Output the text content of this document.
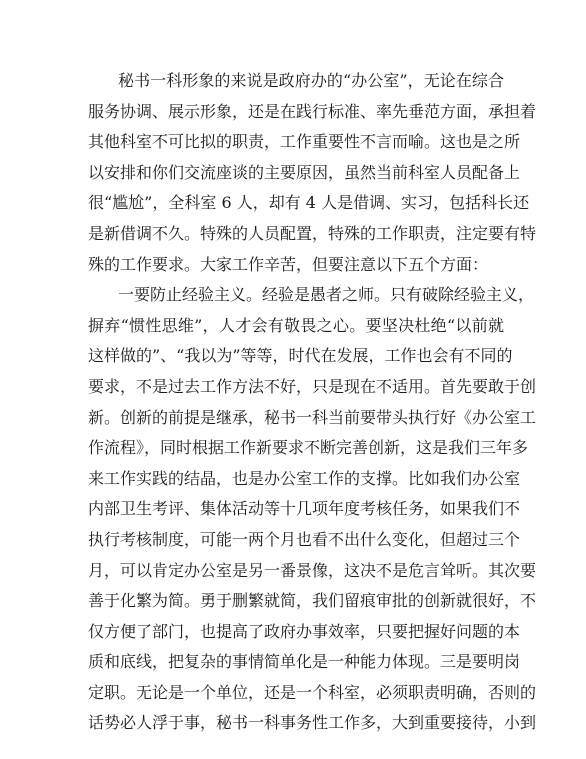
秘书一科形象的来说是政府办的“办公室”，无论在综合
服务协调、展示形象，还是在践行标准、率先垂范方面，承担着
其他科室不可比拟的职责，工作重要性不言而喻。这也是之所
以安排和你们交流座谈的主要原因，虽然当前科室人员配备上
很“尴尬”，全科室 6 人，却有 4 人是借调、实习，包括科长还
是新借调不久。特殊的人员配置，特殊的工作职责，注定要有特
殊的工作要求。大家工作辛苦，但要注意以下五个方面：
一要防止经验主义。经验是愚者之师。只有破除经验主义，
摒弃“惯性思维”，人才会有敬畏之心。要坚决杜绝“以前就
这样做的”、“我以为”等等，时代在发展，工作也会有不同的
要求，不是过去工作方法不好，只是现在不适用。首先要敢于创
新。创新的前提是继承，秘书一科当前要带头执行好《办公室工
作流程》，同时根据工作新要求不断完善创新，这是我们三年多
来工作实践的结晶，也是办公室工作的支撑。比如我们办公室
内部卫生考评、集体活动等十几项年度考核任务，如果我们不
执行考核制度，可能一两个月也看不出什么变化，但超过三个
月，可以肯定办公室是另一番景像，这决不是危言耸听。其次要
善于化繁为简。勇于删繁就简，我们留痕审批的创新就很好，不
仅方便了部门，也提高了政府办事效率，只要把握好问题的本
质和底线，把复杂的事情简单化是一种能力体现。三是要明岗
定职。无论是一个单位，还是一个科室，必须职责明确，否则的
话势必人浮于事，秘书一科事务性工作多，大到重要接待，小到
